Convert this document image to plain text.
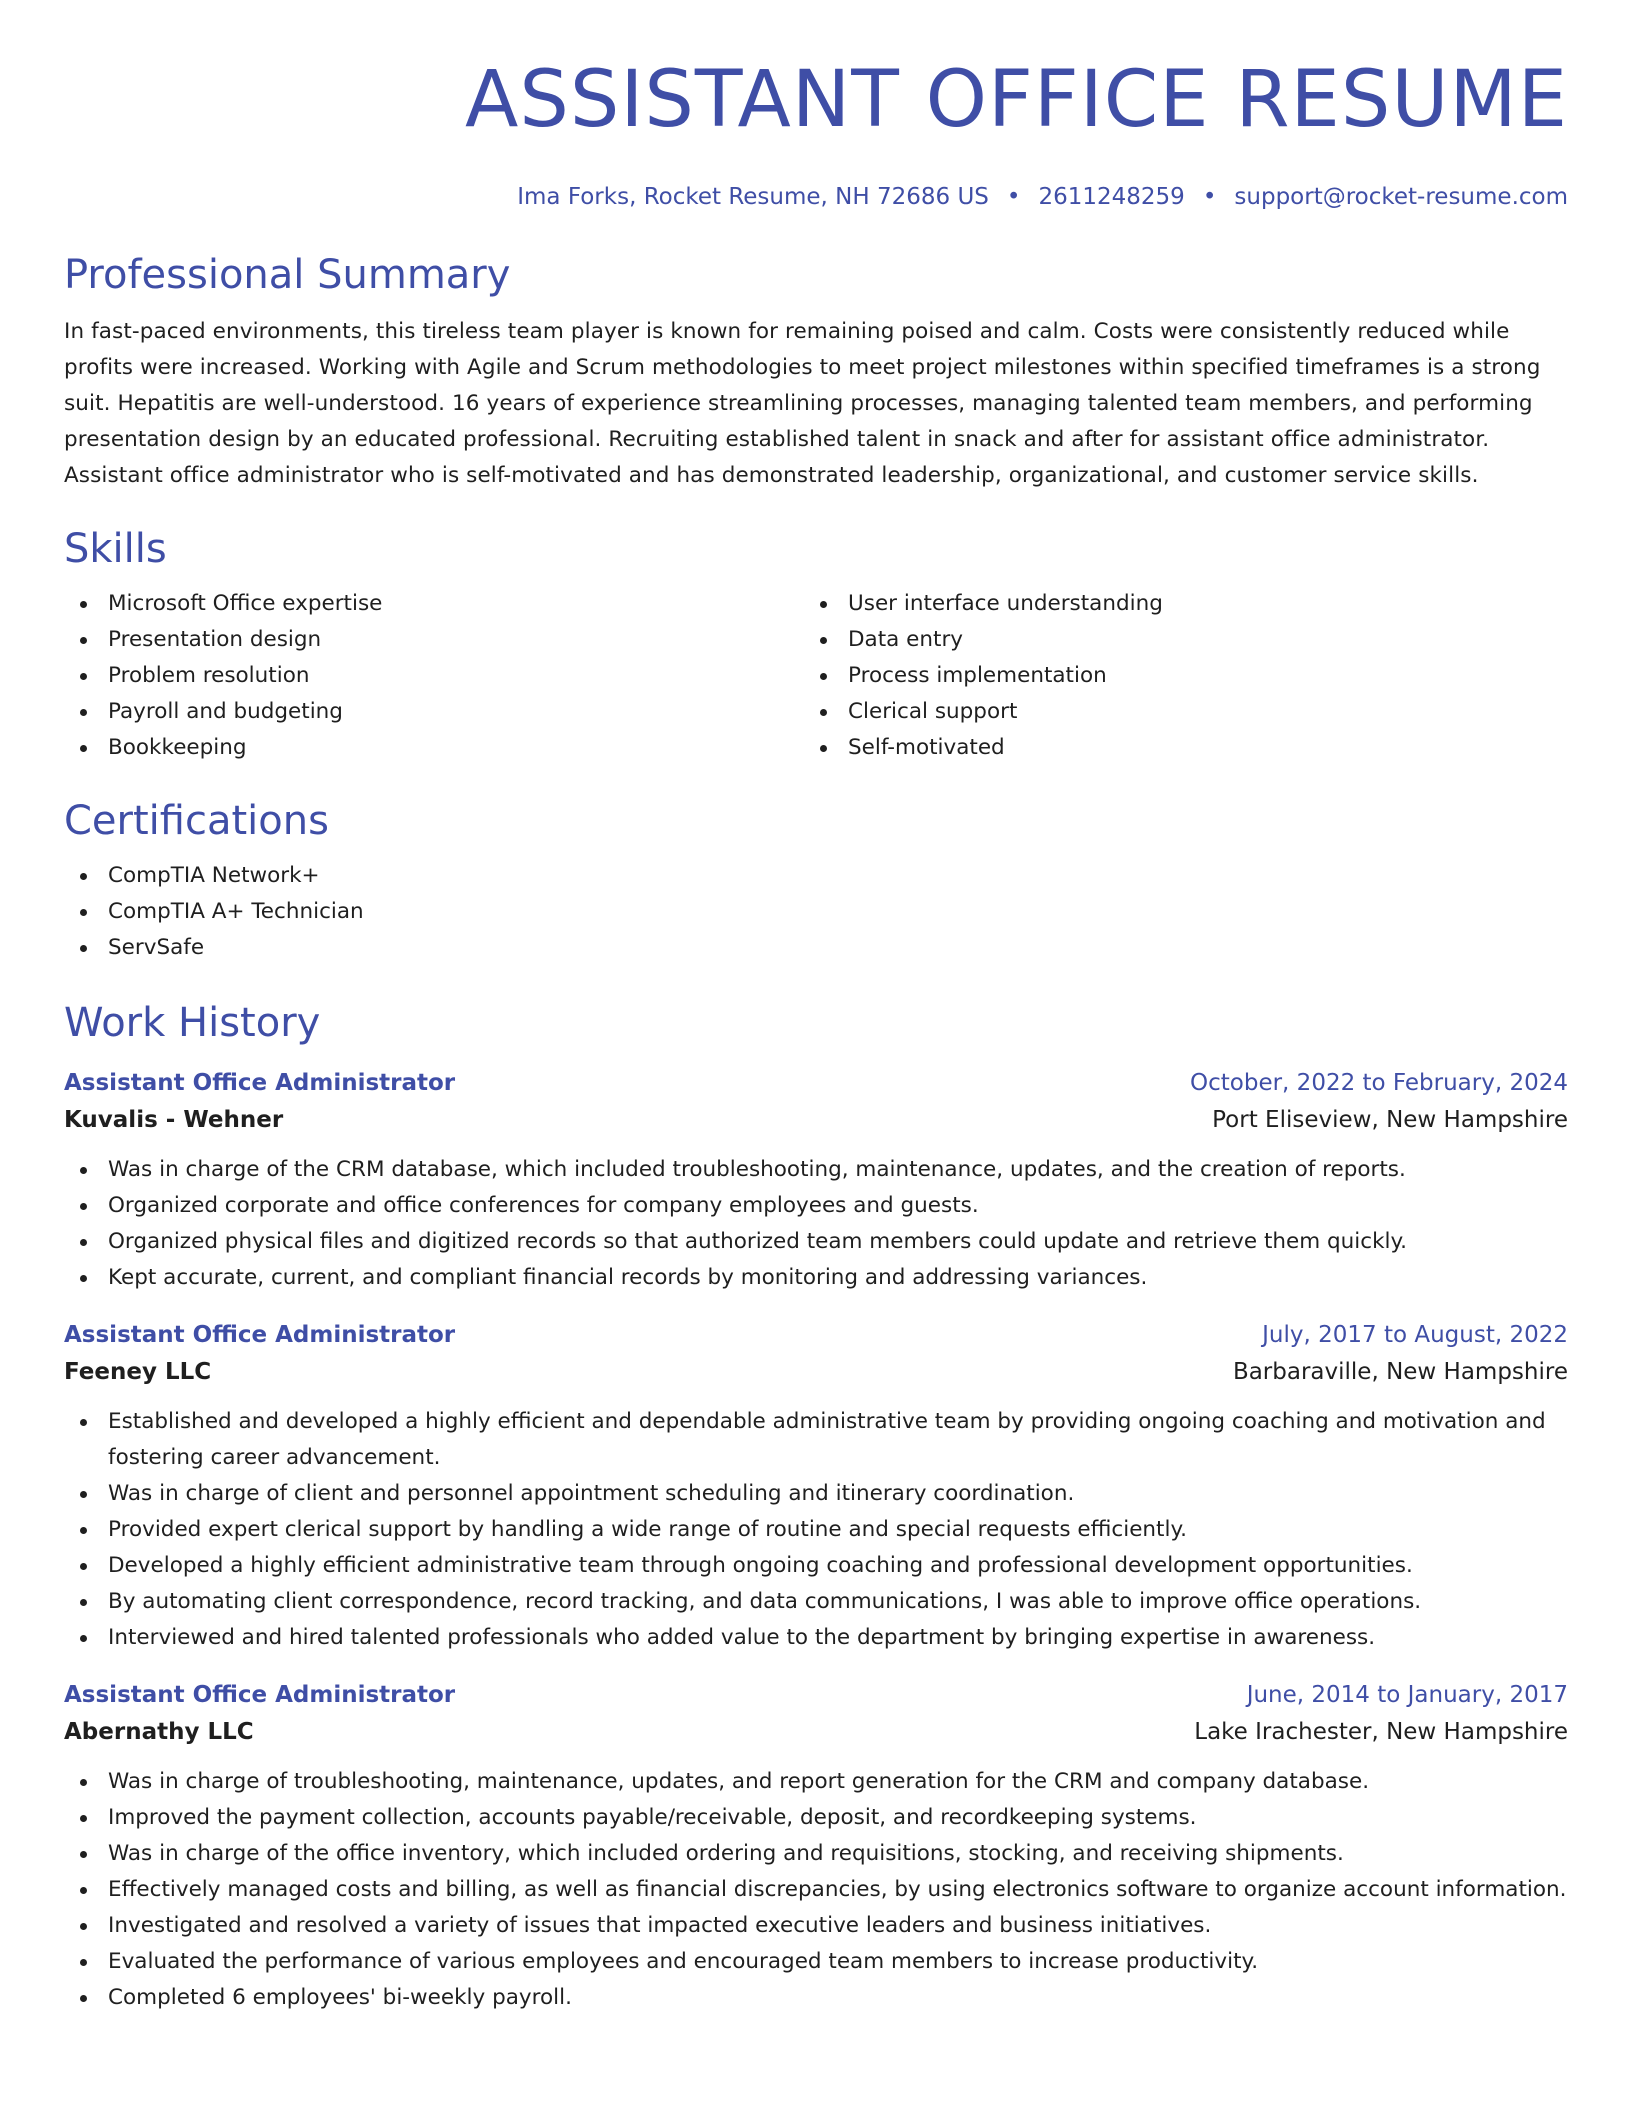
ASSISTANT OFFICE RESUME
Ima Forks, Rocket Resume, NH 72686 US • 2611248259 • support@rocket-resume.com
Professional Summary
In fast-paced environments, this tireless team player is known for remaining poised and calm. Costs were consistently reduced while profits were increased. Working with Agile and Scrum methodologies to meet project milestones within specified timeframes is a strong suit. Hepatitis are well-understood. 16 years of experience streamlining processes, managing talented team members, and performing presentation design by an educated professional. Recruiting established talent in snack and after for assistant office administrator. Assistant office administrator who is self-motivated and has demonstrated leadership, organizational, and customer service skills.
Skills
Microsoft Office expertise
Presentation design
Problem resolution
Payroll and budgeting
Bookkeeping
User interface understanding
Data entry
Process implementation
Clerical support
Self-motivated
Certifications
CompTIA Network+
CompTIA A+ Technician
ServSafe
Work History
Assistant Office Administrator	October, 2022 to February, 2024
Kuvalis - Wehner	Port Eliseview, New Hampshire
Was in charge of the CRM database, which included troubleshooting, maintenance, updates, and the creation of reports.
Organized corporate and office conferences for company employees and guests.
Organized physical files and digitized records so that authorized team members could update and retrieve them quickly.
Kept accurate, current, and compliant financial records by monitoring and addressing variances.
Assistant Office Administrator	July, 2017 to August, 2022
Feeney LLC	Barbaraville, New Hampshire
Established and developed a highly efficient and dependable administrative team by providing ongoing coaching and motivation and fostering career advancement.
Was in charge of client and personnel appointment scheduling and itinerary coordination.
Provided expert clerical support by handling a wide range of routine and special requests efficiently.
Developed a highly efficient administrative team through ongoing coaching and professional development opportunities.
By automating client correspondence, record tracking, and data communications, I was able to improve office operations.
Interviewed and hired talented professionals who added value to the department by bringing expertise in awareness.
Assistant Office Administrator	June, 2014 to January, 2017
Abernathy LLC	Lake Irachester, New Hampshire
Was in charge of troubleshooting, maintenance, updates, and report generation for the CRM and company database.
Improved the payment collection, accounts payable/receivable, deposit, and recordkeeping systems.
Was in charge of the office inventory, which included ordering and requisitions, stocking, and receiving shipments.
Effectively managed costs and billing, as well as financial discrepancies, by using electronics software to organize account information.
Investigated and resolved a variety of issues that impacted executive leaders and business initiatives.
Evaluated the performance of various employees and encouraged team members to increase productivity.
Completed 6 employees' bi-weekly payroll.
